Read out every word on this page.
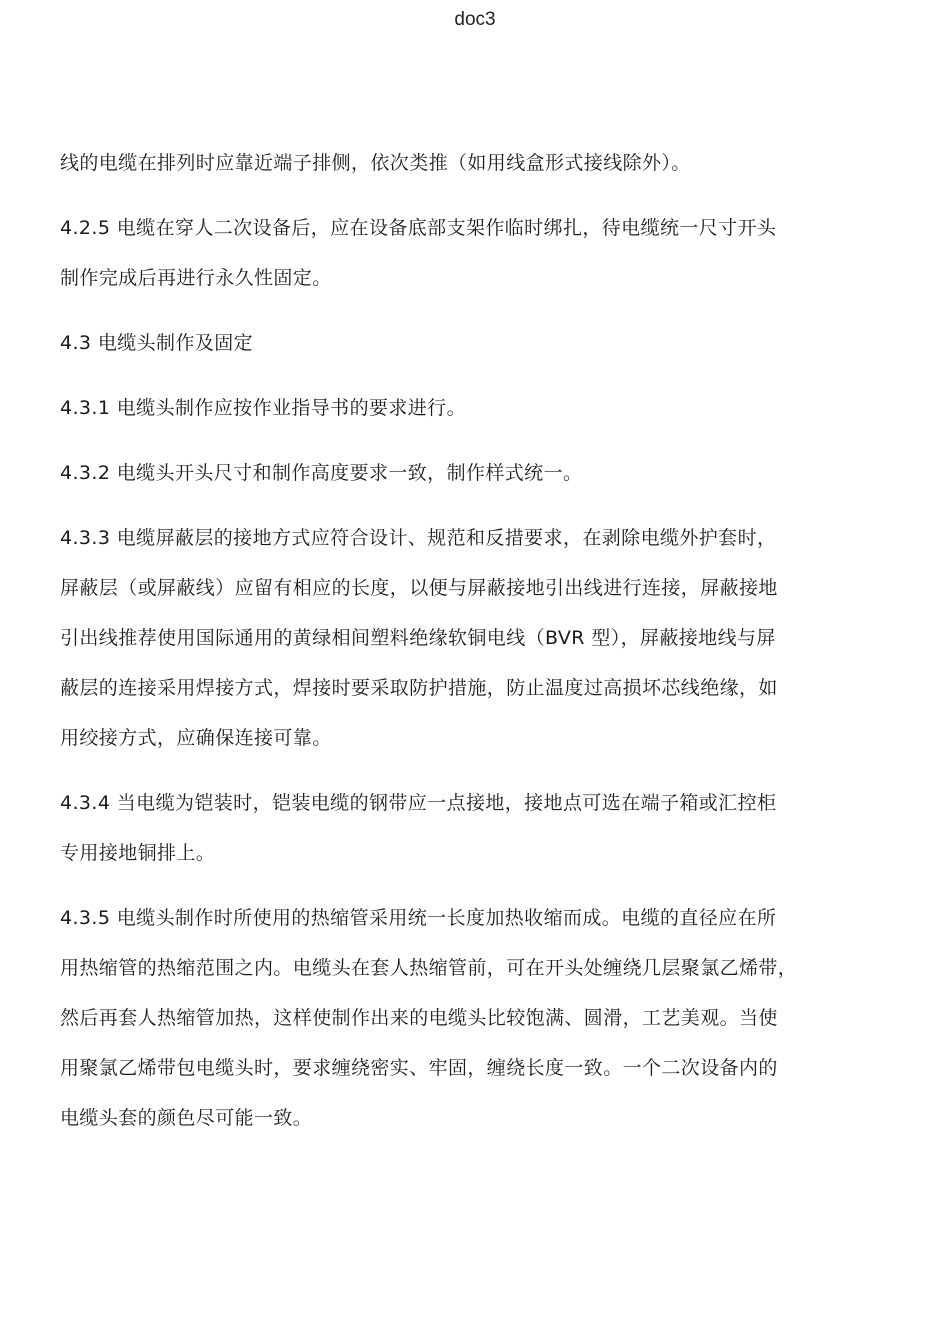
doc3

线的电缆在排列时应靠近端子排侧，依次类推（如用线盒形式接线除外）。

4.2.5 电缆在穿人二次设备后，应在设备底部支架作临时绑扎，待电缆统一尺寸开头
制作完成后再进行永久性固定。

4.3 电缆头制作及固定

4.3.1 电缆头制作应按作业指导书的要求进行。

4.3.2 电缆头开头尺寸和制作高度要求一致，制作样式统一。

4.3.3 电缆屏蔽层的接地方式应符合设计、规范和反措要求，在剥除电缆外护套时，
屏蔽层（或屏蔽线）应留有相应的长度，以便与屏蔽接地引出线进行连接，屏蔽接地
引出线推荐使用国际通用的黄绿相间塑料绝缘软铜电线（BVR 型），屏蔽接地线与屏
蔽层的连接采用焊接方式，焊接时要采取防护措施，防止温度过高损坏芯线绝缘，如
用绞接方式，应确保连接可靠。

4.3.4 当电缆为铠装时，铠装电缆的钢带应一点接地，接地点可选在端子箱或汇控柜
专用接地铜排上。

4.3.5 电缆头制作时所使用的热缩管采用统一长度加热收缩而成。电缆的直径应在所
用热缩管的热缩范围之内。电缆头在套人热缩管前，可在开头处缠绕几层聚氯乙烯带，
然后再套人热缩管加热，这样使制作出来的电缆头比较饱满、圆滑，工艺美观。当使
用聚氯乙烯带包电缆头时，要求缠绕密实、牢固，缠绕长度一致。一个二次设备内的
电缆头套的颜色尽可能一致。
